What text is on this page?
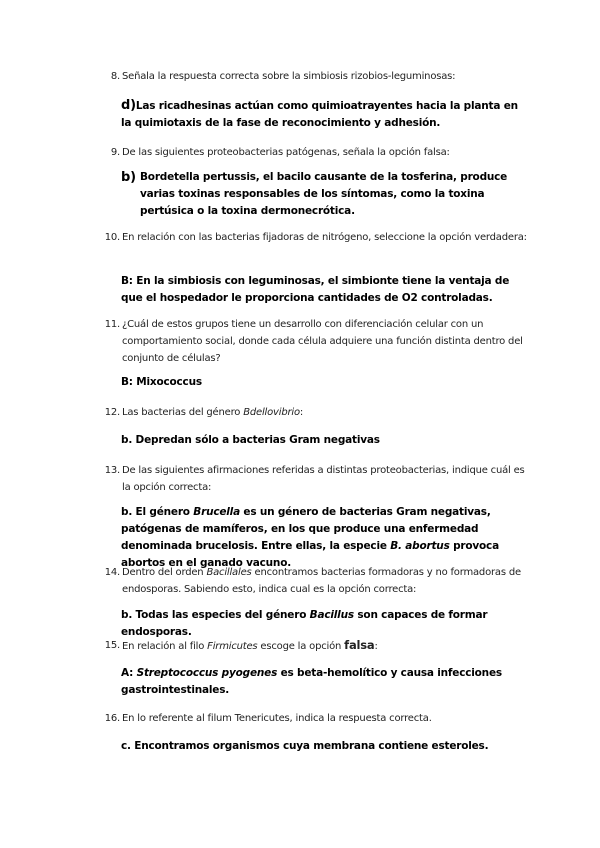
8. Señala la respuesta correcta sobre la simbiosis rizobios-leguminosas:
d)Las ricadhesinas actúan como quimioatrayentes hacia la planta en la quimiotaxis de la fase de reconocimiento y adhesión.
9. De las siguientes proteobacterias patógenas, señala la opción falsa:
b) Bordetella pertussis, el bacilo causante de la tosferina, produce varias toxinas responsables de los síntomas, como la toxina pertúsica o la toxina dermonecrótica.
10. En relación con las bacterias fijadoras de nitrógeno, seleccione la opción verdadera:
B: En la simbiosis con leguminosas, el simbionte tiene la ventaja de que el hospedador le proporciona cantidades de O2 controladas.
11. ¿Cuál de estos grupos tiene un desarrollo con diferenciación celular con un comportamiento social, donde cada célula adquiere una función distinta dentro del conjunto de células?
B: Mixococcus
12. Las bacterias del género Bdellovibrio:
b. Depredan sólo a bacterias Gram negativas
13. De las siguientes afirmaciones referidas a distintas proteobacterias, indique cuál es la opción correcta:
b. El género Brucella es un género de bacterias Gram negativas, patógenas de mamíferos, en los que produce una enfermedad denominada brucelosis. Entre ellas, la especie B. abortus provoca abortos en el ganado vacuno.
14. Dentro del orden Bacillales encontramos bacterias formadoras y no formadoras de endosporas. Sabiendo esto, indica cual es la opción correcta:
b. Todas las especies del género Bacillus son capaces de formar endosporas.
15. En relación al filo Firmicutes escoge la opción falsa:
A: Streptococcus pyogenes es beta-hemolítico y causa infecciones gastrointestinales.
16. En lo referente al filum Tenericutes, indica la respuesta correcta.
c. Encontramos organismos cuya membrana contiene esteroles.
